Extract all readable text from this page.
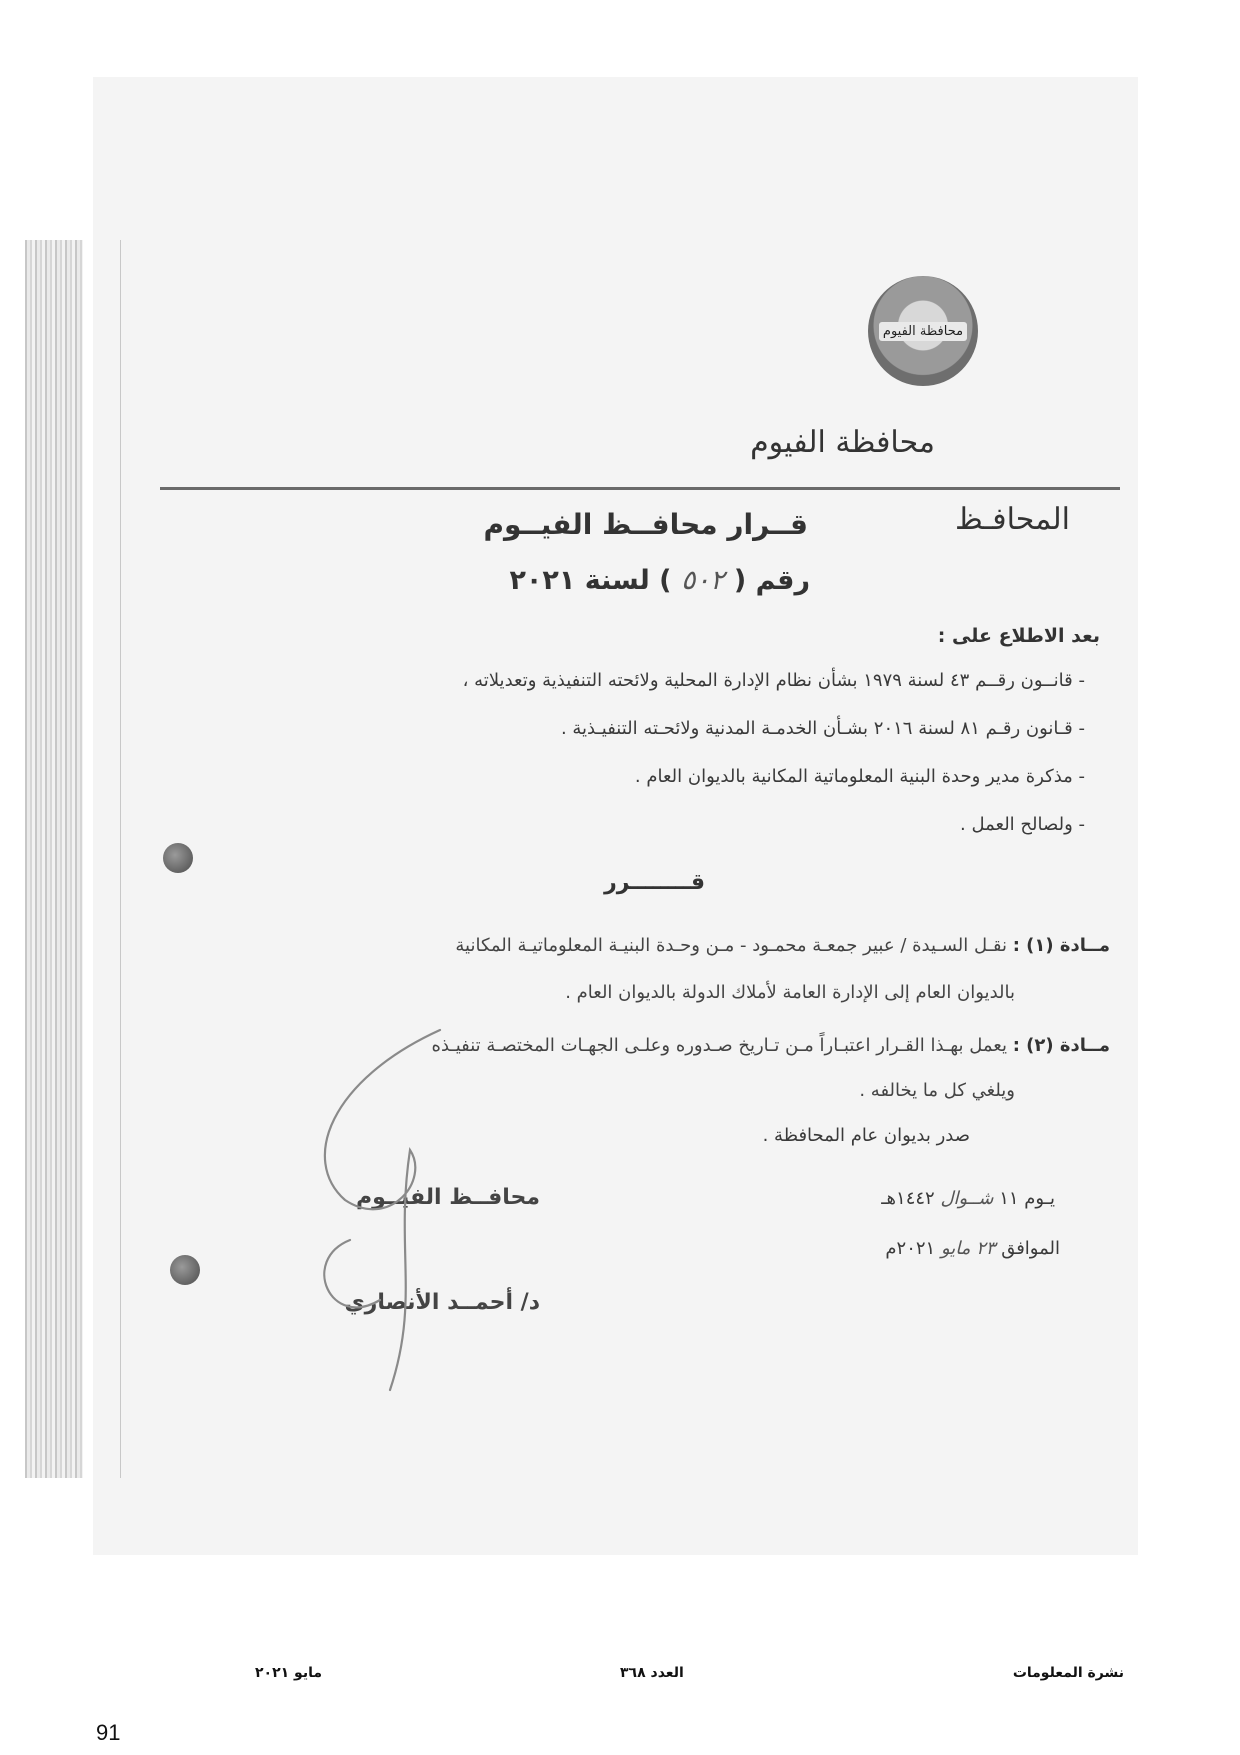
محافظة الفيوم
محافظة الفيوم
المحافـظ
قــرار محافــظ الفيــوم
رقم ( ٥٠٢ ) لسنة ٢٠٢١
بعد الاطلاع على :
- قانــون رقــم ٤٣ لسنة ١٩٧٩ بشأن نظام الإدارة المحلية ولائحته التنفيذية وتعديلاته ،
- قـانون رقـم ٨١ لسنة ٢٠١٦ بشـأن الخدمـة المدنية ولائحـته التنفيـذية .
- مذكرة مدير وحدة البنية المعلوماتية المكانية بالديوان العام .
- ولصالح العمل .
قــــــــرر
مــادة (١) : نقـل السـيدة / عبير جمعـة محمـود - مـن وحـدة البنيـة المعلوماتيـة المكانية
بالديوان العام إلى الإدارة العامة لأملاك الدولة بالديوان العام .
مــادة (٢) : يعمل بهـذا القـرار اعتبـاراً مـن تـاريخ صـدوره وعلـى الجهـات المختصـة تنفيـذه
ويلغي كل ما يخالفه .
صدر بديوان عام المحافظة .
يـوم ١١ شــوال ١٤٤٢هـ
الموافق ٢٣ مايو ٢٠٢١م
محافــظ الفيــوم
د/ أحمــد الأنصاري
نشرة المعلومات
العدد ٣٦٨
مايو ٢٠٢١
91
